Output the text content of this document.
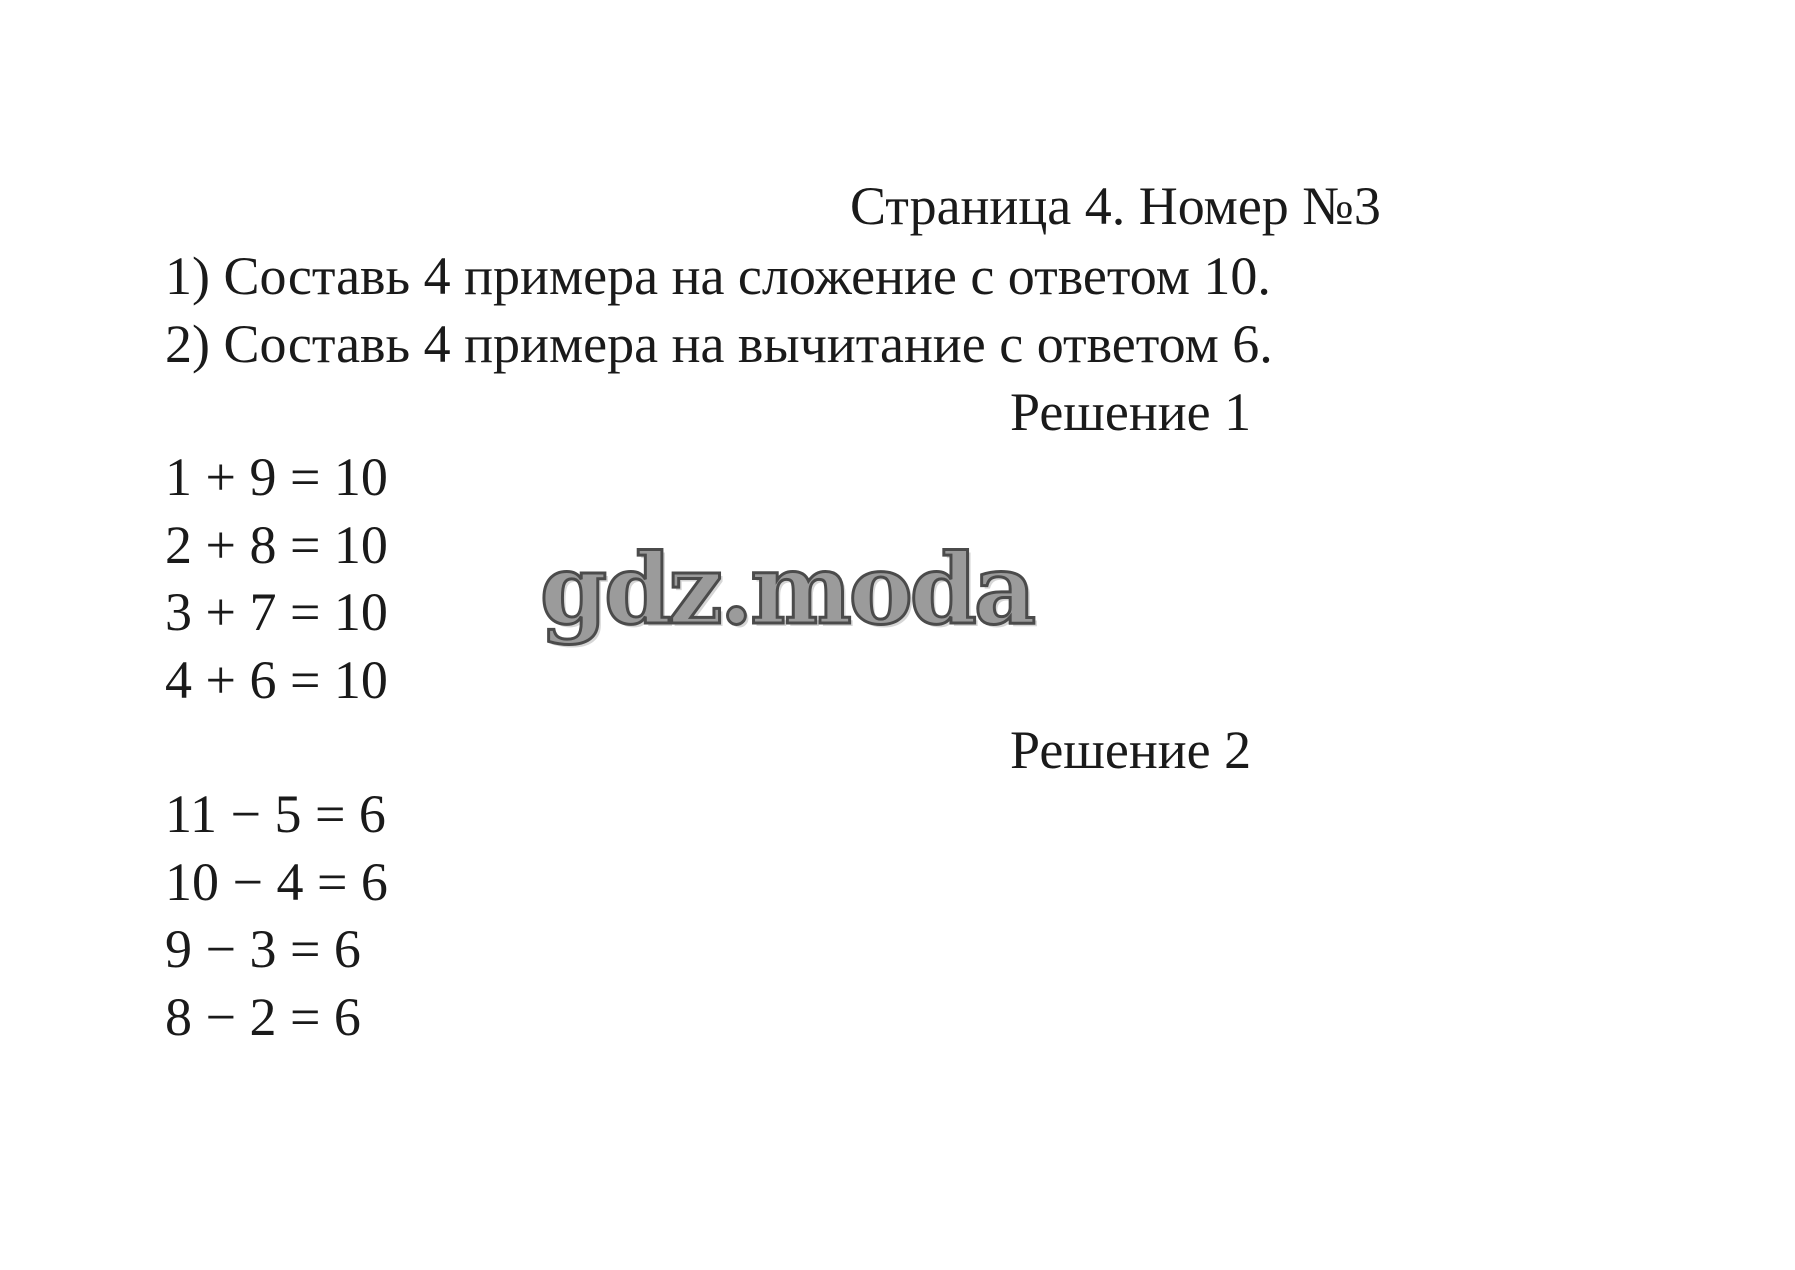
Страница 4. Номер №3
1) Составь 4 примера на сложение с ответом 10.
2) Составь 4 примера на вычитание с ответом 6.
Решение 1
1 + 9 = 10
2 + 8 = 10
3 + 7 = 10
4 + 6 = 10
Решение 2
11 − 5 = 6
10 − 4 = 6
9 − 3 = 6
8 − 2 = 6
gdz.moda
